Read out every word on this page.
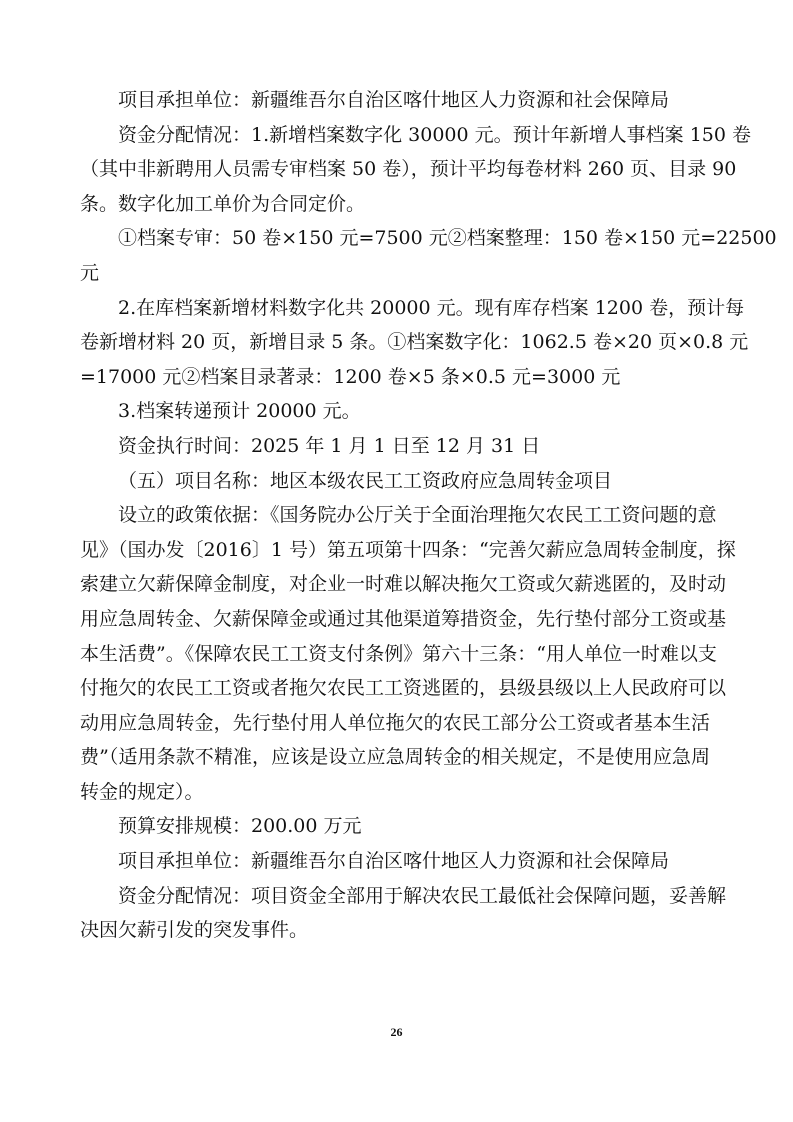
项目承担单位：新疆维吾尔自治区喀什地区人力资源和社会保障局

资金分配情况：1.新增档案数字化 30000 元。预计年新增人事档案 150 卷
（其中非新聘用人员需专审档案 50 卷），预计平均每卷材料 260 页、目录 90
条。数字化加工单价为合同定价。

①档案专审：50 卷×150 元=7500 元②档案整理：150 卷×150 元=22500
元

2.在库档案新增材料数字化共 20000 元。现有库存档案 1200 卷，预计每
卷新增材料 20 页，新增目录 5 条。①档案数字化：1062.5 卷×20 页×0.8 元
=17000 元②档案目录著录：1200 卷×5 条×0.5 元=3000 元

3.档案转递预计 20000 元。

资金执行时间：2025 年 1 月 1 日至 12 月 31 日

（五）项目名称：地区本级农民工工资政府应急周转金项目

设立的政策依据：《国务院办公厅关于全面治理拖欠农民工工资问题的意
见》（国办发〔2016〕1 号）第五项第十四条：“完善欠薪应急周转金制度，探
索建立欠薪保障金制度，对企业一时难以解决拖欠工资或欠薪逃匿的，及时动
用应急周转金、欠薪保障金或通过其他渠道筹措资金，先行垫付部分工资或基
本生活费”。《保障农民工工资支付条例》第六十三条：“用人单位一时难以支
付拖欠的农民工工资或者拖欠农民工工资逃匿的，县级县级以上人民政府可以
动用应急周转金，先行垫付用人单位拖欠的农民工部分公工资或者基本生活
费”（适用条款不精准，应该是设立应急周转金的相关规定，不是使用应急周
转金的规定）。

预算安排规模：200.00 万元

项目承担单位：新疆维吾尔自治区喀什地区人力资源和社会保障局

资金分配情况：项目资金全部用于解决农民工最低社会保障问题，妥善解
决因欠薪引发的突发事件。

26
